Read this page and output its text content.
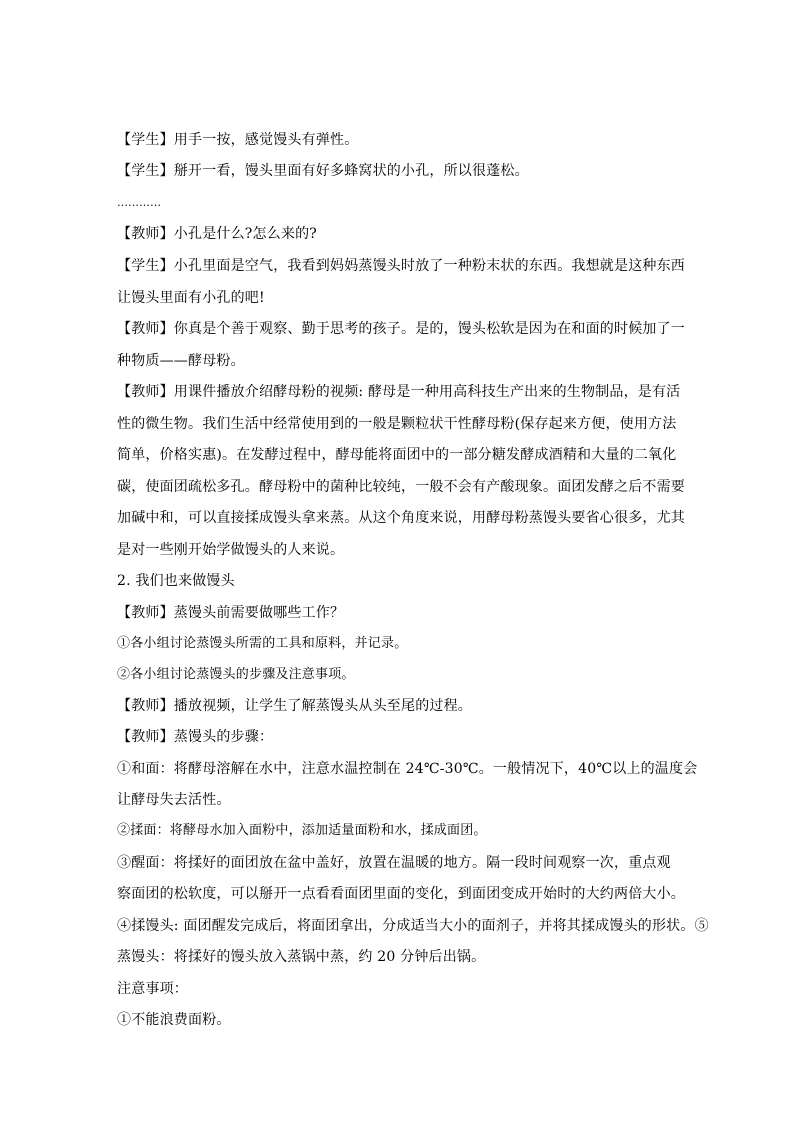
【学生】用手一按，感觉馒头有弹性。
【学生】掰开一看，馒头里面有好多蜂窝状的小孔，所以很蓬松。
…………
【教师】小孔是什么?怎么来的?
【学生】小孔里面是空气，我看到妈妈蒸馒头时放了一种粉末状的东西。我想就是这种东西
让馒头里面有小孔的吧!
【教师】你真是个善于观察、勤于思考的孩子。是的，馒头松软是因为在和面的时候加了一
种物质——酵母粉。
【教师】用课件播放介绍酵母粉的视频: 酵母是一种用高科技生产出来的生物制品，是有活
性的微生物。我们生活中经常使用到的一般是颗粒状干性酵母粉(保存起来方便，使用方法
简单，价格实惠)。在发酵过程中，酵母能将面团中的一部分糖发酵成酒精和大量的二氧化
碳，使面团疏松多孔。酵母粉中的菌种比较纯，一般不会有产酸现象。面团发酵之后不需要
加碱中和，可以直接揉成馒头拿来蒸。从这个角度来说，用酵母粉蒸馒头要省心很多，尤其
是对一些刚开始学做馒头的人来说。
2. 我们也来做馒头
【教师】蒸馒头前需要做哪些工作？
①各小组讨论蒸馒头所需的工具和原料，并记录。
②各小组讨论蒸馒头的步骤及注意事项。
【教师】播放视频，让学生了解蒸馒头从头至尾的过程。
【教师】蒸馒头的步骤：
①和面：将酵母溶解在水中，注意水温控制在 24℃-30℃。一般情况下，40℃以上的温度会
让酵母失去活性。
②揉面：将酵母水加入面粉中，添加适量面粉和水，揉成面团。
③醒面：将揉好的面团放在盆中盖好，放置在温暖的地方。隔一段时间观察一次，重点观
察面团的松软度，可以掰开一点看看面团里面的变化，到面团变成开始时的大约两倍大小。
④揉馒头: 面团醒发完成后，将面团拿出，分成适当大小的面剂子，并将其揉成馒头的形状。⑤
蒸馒头：将揉好的馒头放入蒸锅中蒸，约 20 分钟后出锅。
注意事项：
①不能浪费面粉。
